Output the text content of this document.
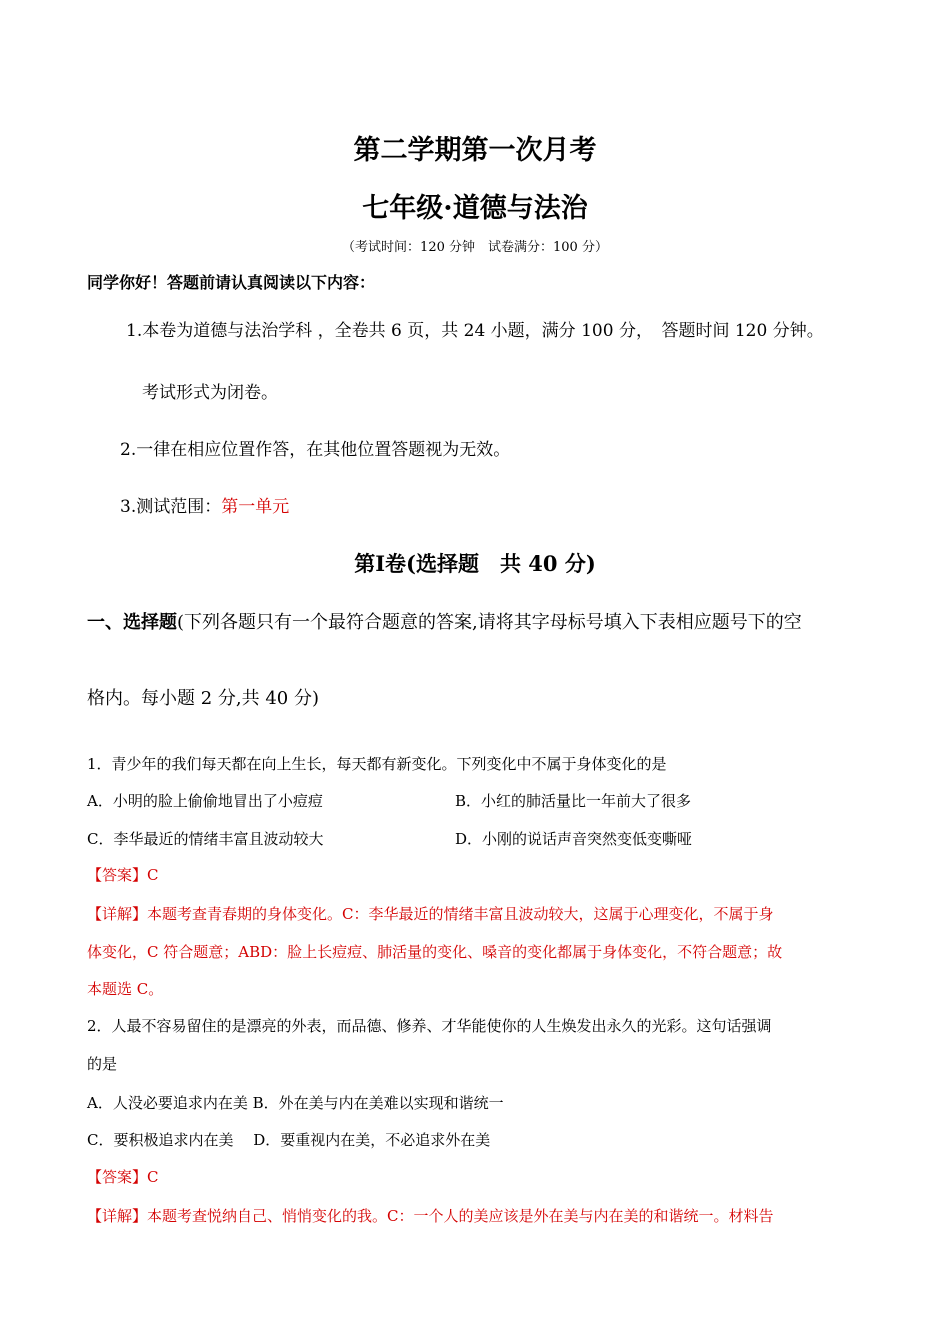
第二学期第一次月考
七年级·道德与法治
（考试时间：120 分钟　试卷满分：100 分）
同学你好！答题前请认真阅读以下内容：
1.本卷为道德与法治学科 ，全卷共 6 页，共 24 小题，满分 100 分，　答题时间 120 分钟。
考试形式为闭卷。
2.一律在相应位置作答，在其他位置答题视为无效。
3.测试范围：第一单元
第Ⅰ卷(选择题　共 40 分)
一、选择题(下列各题只有一个最符合题意的答案,请将其字母标号填入下表相应题号下的空
格内。每小题 2 分,共 40 分)
1．青少年的我们每天都在向上生长，每天都有新变化。下列变化中不属于身体变化的是
A．小明的脸上偷偷地冒出了小痘痘	B．小红的肺活量比一年前大了很多
C．李华最近的情绪丰富且波动较大	D．小刚的说话声音突然变低变嘶哑
【答案】C
【详解】本题考查青春期的身体变化。C：李华最近的情绪丰富且波动较大，这属于心理变化，不属于身
体变化，C 符合题意；ABD：脸上长痘痘、肺活量的变化、嗓音的变化都属于身体变化，不符合题意；故
本题选 C。
2．人最不容易留住的是漂亮的外表，而品德、修养、才华能使你的人生焕发出永久的光彩。这句话强调
的是
A．人没必要追求内在美 B．外在美与内在美难以实现和谐统一
C．要积极追求内在美　 D．要重视内在美，不必追求外在美
【答案】C
【详解】本题考查悦纳自己、悄悄变化的我。C：一个人的美应该是外在美与内在美的和谐统一。材料告
